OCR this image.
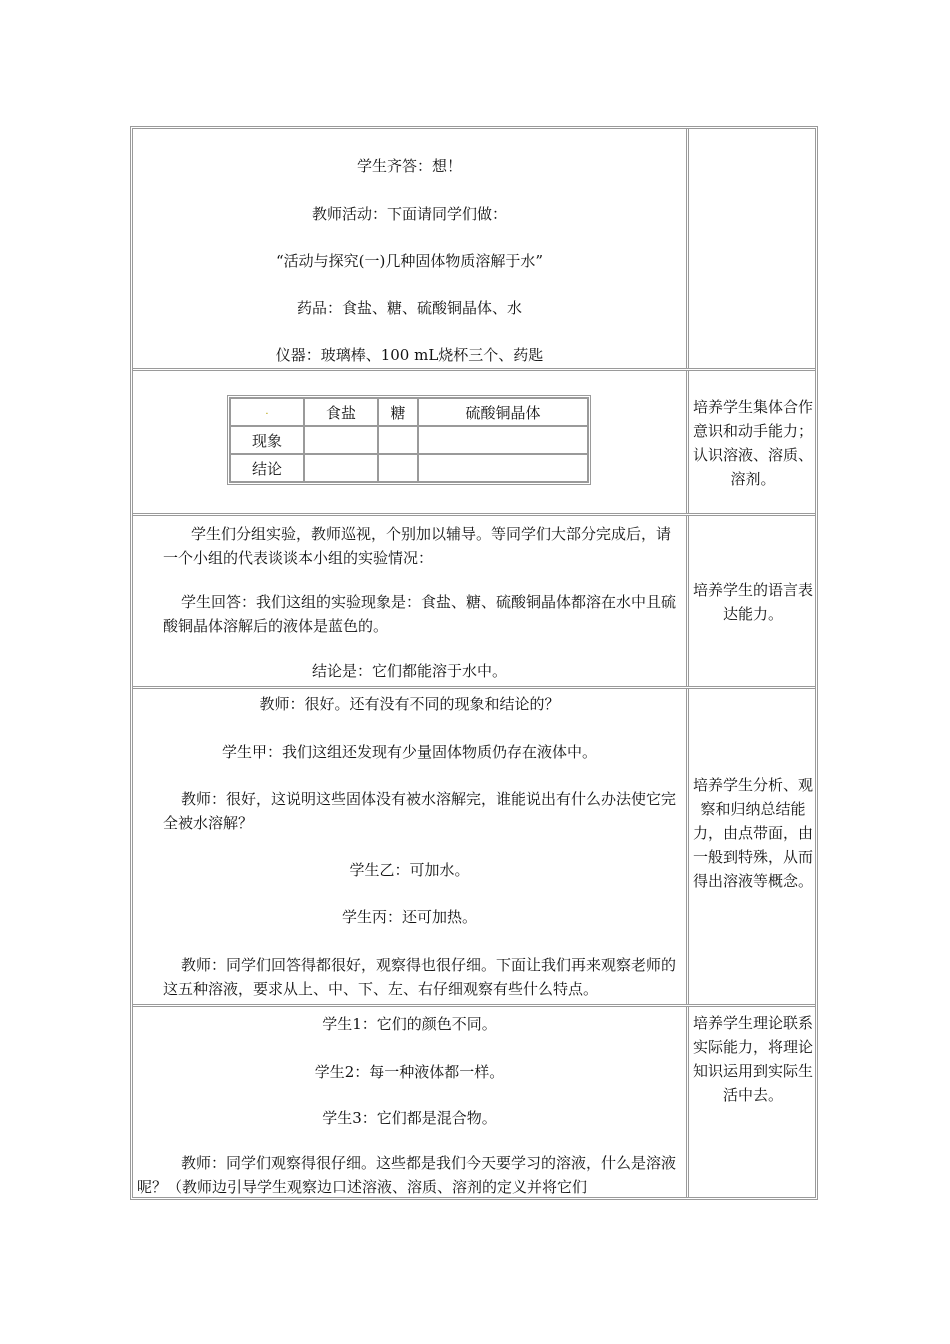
学生齐答：想！
教师活动：下面请同学们做：
“活动与探究(一)几种固体物质溶解于水”
药品：食盐、糖、硫酸铜晶体、水
仪器：玻璃棒、100 mL烧杯三个、药匙
·	食盐	糖	硫酸铜晶体
现象			
结论			
培养学生集体合作意识和动手能力；认识溶液、溶质、溶剂。
学生们分组实验，教师巡视，个别加以辅导。等同学们大部分完成后，请一个小组的代表谈谈本小组的实验情况：
学生回答：我们这组的实验现象是：食盐、糖、硫酸铜晶体都溶在水中且硫酸铜晶体溶解后的液体是蓝色的。
结论是：它们都能溶于水中。
培养学生的语言表达能力。
教师：很好。还有没有不同的现象和结论的？
学生甲：我们这组还发现有少量固体物质仍存在液体中。
教师：很好，这说明这些固体没有被水溶解完，谁能说出有什么办法使它完全被水溶解？
学生乙：可加水。
学生丙：还可加热。
教师：同学们回答得都很好，观察得也很仔细。下面让我们再来观察老师的这五种溶液，要求从上、中、下、左、右仔细观察有些什么特点。
培养学生分析、观察和归纳总结能力，由点带面，由一般到特殊，从而得出溶液等概念。
学生1：它们的颜色不同。
学生2：每一种液体都一样。
学生3：它们都是混合物。
教师：同学们观察得很仔细。这些都是我们今天要学习的溶液，什么是溶液呢？（教师边引导学生观察边口述溶液、溶质、溶剂的定义并将它们
培养学生理论联系实际能力，将理论知识运用到实际生活中去。
